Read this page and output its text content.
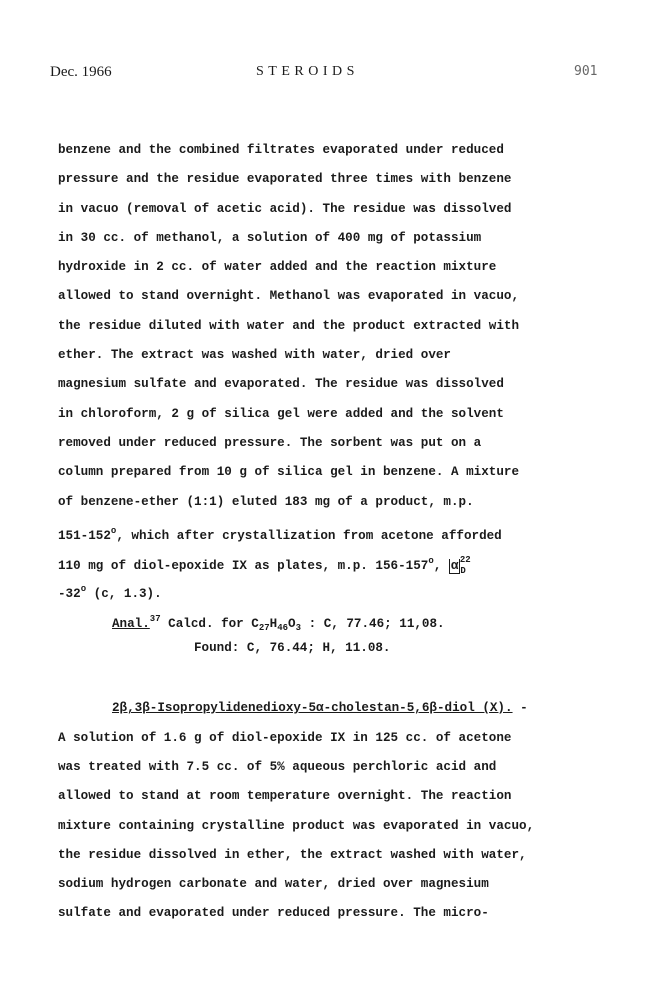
Dec. 1966	STEROIDS	901
benzene and the combined filtrates evaporated under reduced
pressure and the residue evaporated three times with benzene
in vacuo (removal of acetic acid). The residue was dissolved
in 30 cc. of methanol, a solution of 400 mg of potassium
hydroxide in 2 cc. of water added and the reaction mixture
allowed to stand overnight. Methanol was evaporated in vacuo,
the residue diluted with water and the product extracted with
ether. The extract was washed with water, dried over
magnesium sulfate and evaporated. The residue was dissolved
in chloroform, 2 g of silica gel were added and the solvent
removed under reduced pressure. The sorbent was put on a
column prepared from 10 g of silica gel in benzene. A mixture
of benzene-ether (1:1) eluted 183 mg of a product, m.p.
151-152$^o$, which after crystallization from acetone afforded
110 mg of diol-epoxide IX as plates, m.p. 156-157$^o$, α $_D^{22}$
-32$^o$ (c, 1.3).
Anal.$^{37}$ Calcd. for $C_{27}H_{46}O_3$ : C, 77.46; 11,08.
Found: C, 76.44; H, 11.08.
2β,3β-Isopropylidenedioxy-5α-cholestan-5,6β-diol (X). -
A solution of 1.6 g of diol-epoxide IX in 125 cc. of acetone
was treated with 7.5 cc. of 5% aqueous perchloric acid and
allowed to stand at room temperature overnight. The reaction
mixture containing crystalline product was evaporated in vacuo,
the residue dissolved in ether, the extract washed with water,
sodium hydrogen carbonate and water, dried over magnesium
sulfate and evaporated under reduced pressure. The micro-
